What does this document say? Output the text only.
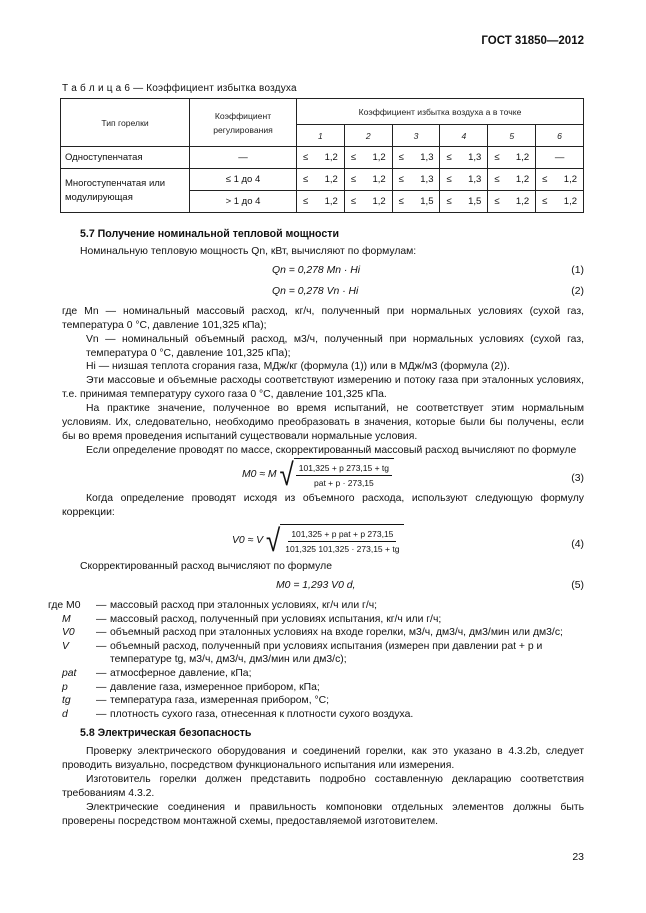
ГОСТ 31850—2012
Т а б л и ц а 6 — Коэффициент избытка воздуха
Тип горелки	Коэффициент регулирования	Коэффициент избытка воздуха а в точке					
		1	2	3	4	5	6
Одноступенчатая	—	≤ 1,2	≤ 1,2	≤ 1,3	≤ 1,3	≤ 1,2	—

Многоступенчатая или модулирующая	≤ 1 до 4	≤ 1,2	≤ 1,2	≤ 1,3	≤ 1,3	≤ 1,2	≤ 1,2

	> 1 до 4	≤ 1,2	≤ 1,2	≤ 1,5	≤ 1,5	≤ 1,2	≤ 1,2
5.7 Получение номинальной тепловой мощности
Номинальную тепловую мощность Qn, кВт, вычисляют по формулам:
Qn = 0,278 Mn · Hi	(1)
Qn = 0,278 Vn · Hi	(2)

где Mn — номинальный массовый расход, кг/ч, полученный при нормальных условиях (сухой газ, температура 0 °С, давление 101,325 кПа);

Vn — номинальный объемный расход, м3/ч, полученный при нормальных условиях (сухой газ, температура 0 °С, давление 101,325 кПа);

Hi — низшая теплота сгорания газа, МДж/кг (формула (1)) или в МДж/м3 (формула (2)).

Эти массовые и объемные расходы соответствуют измерению и потоку газа при эталонных условиях, т.е. принимая температуру сухого газа 0 °С, давление 101,325 кПа.

На практике значение, полученное во время испытаний, не соответствует этим нормальным условиям. Их, следовательно, необходимо преобразовать в значения, которые были бы получены, если бы во время проведения испытаний существовали нормальные условия.

Если определение проводят по массе, скорректированный массовый расход вычисляют по формуле

M0 ≈ M √ $\frac{101,325 + p 273,15 + tg}{\text{pat + p · 273,15}}$	(3)

Когда определение проводят исходя из объемного расхода, используют следующую формулу коррекции:

V0 ≈ V √ $\frac{\text{101,325 + p pat + p 273,15}}{101,325 101,325 \cdot 273,15 + tg}$	(4)
Скорректированный расход вычисляют по формуле
M0 = 1,293 V0 d,	(5)
где M0	— массовый расход при эталонных условиях, кг/ч или г/ч;
M	— массовый расход, полученный при условиях испытания, кг/ч или г/ч;
V0	— объемный расход при эталонных условиях на входе горелки, м3/ч, дм3/ч, дм3/мин или дм3/с;
V	— объемный расход, полученный при условиях испытания (измерен при давлении pat + p и температуре tg, м3/ч, дм3/ч, дм3/мин или дм3/с);
pat	— атмосферное давление, кПа;
p	— давление газа, измеренное прибором, кПа;
tg	— температура газа, измеренная прибором, °С;
d	— плотность сухого газа, отнесенная к плотности сухого воздуха.
5.8 Электрическая безопасность

Проверку электрического оборудования и соединений горелки, как это указано в 4.3.2b, следует проводить визуально, посредством функционального испытания или измерения.

Изготовитель горелки должен представить подробно составленную декларацию соответствия требованиям 4.3.2.

Электрические соединения и правильность компоновки отдельных элементов должны быть проверены посредством монтажной схемы, предоставляемой изготовителем.

23
